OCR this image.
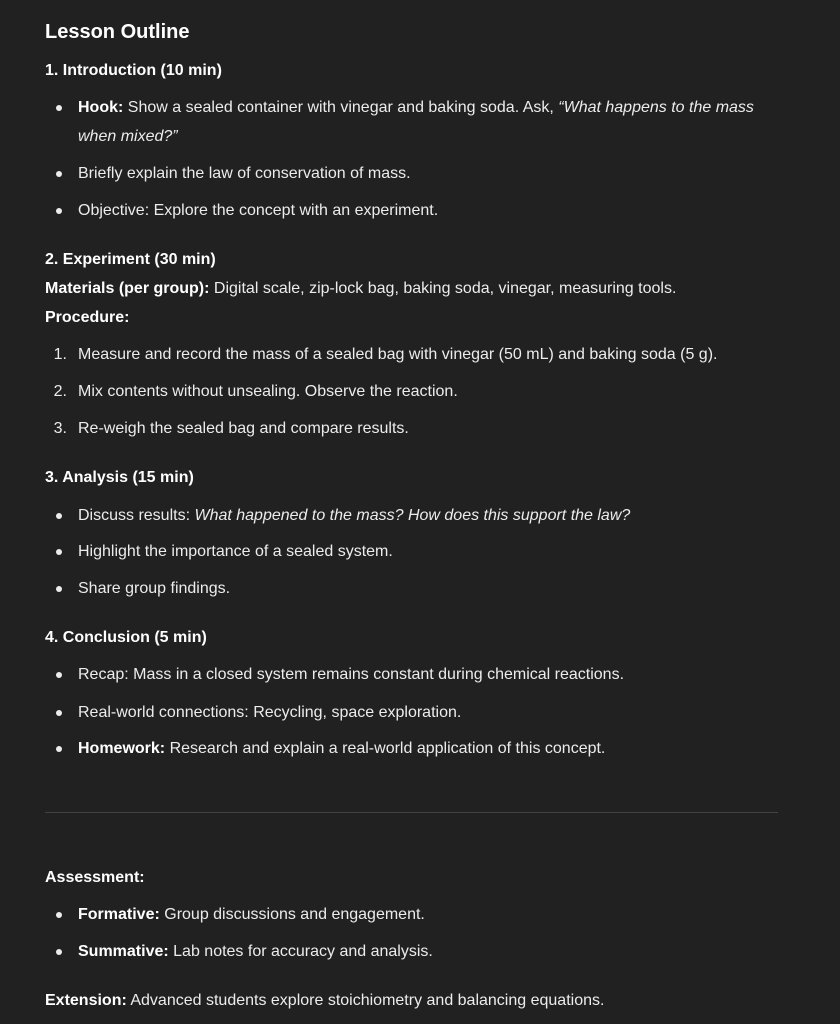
Lesson Outline
1. Introduction (10 min)
Hook: Show a sealed container with vinegar and baking soda. Ask, “What happens to the mass
when mixed?”
Briefly explain the law of conservation of mass.
Objective: Explore the concept with an experiment.
2. Experiment (30 min)
Materials (per group): Digital scale, zip-lock bag, baking soda, vinegar, measuring tools.
Procedure:
1. Measure and record the mass of a sealed bag with vinegar (50 mL) and baking soda (5 g).
2. Mix contents without unsealing. Observe the reaction.
3. Re-weigh the sealed bag and compare results.
3. Analysis (15 min)
Discuss results: What happened to the mass? How does this support the law?
Highlight the importance of a sealed system.
Share group findings.
4. Conclusion (5 min)
Recap: Mass in a closed system remains constant during chemical reactions.
Real-world connections: Recycling, space exploration.
Homework: Research and explain a real-world application of this concept.
Assessment:
Formative: Group discussions and engagement.
Summative: Lab notes for accuracy and analysis.
Extension: Advanced students explore stoichiometry and balancing equations.
